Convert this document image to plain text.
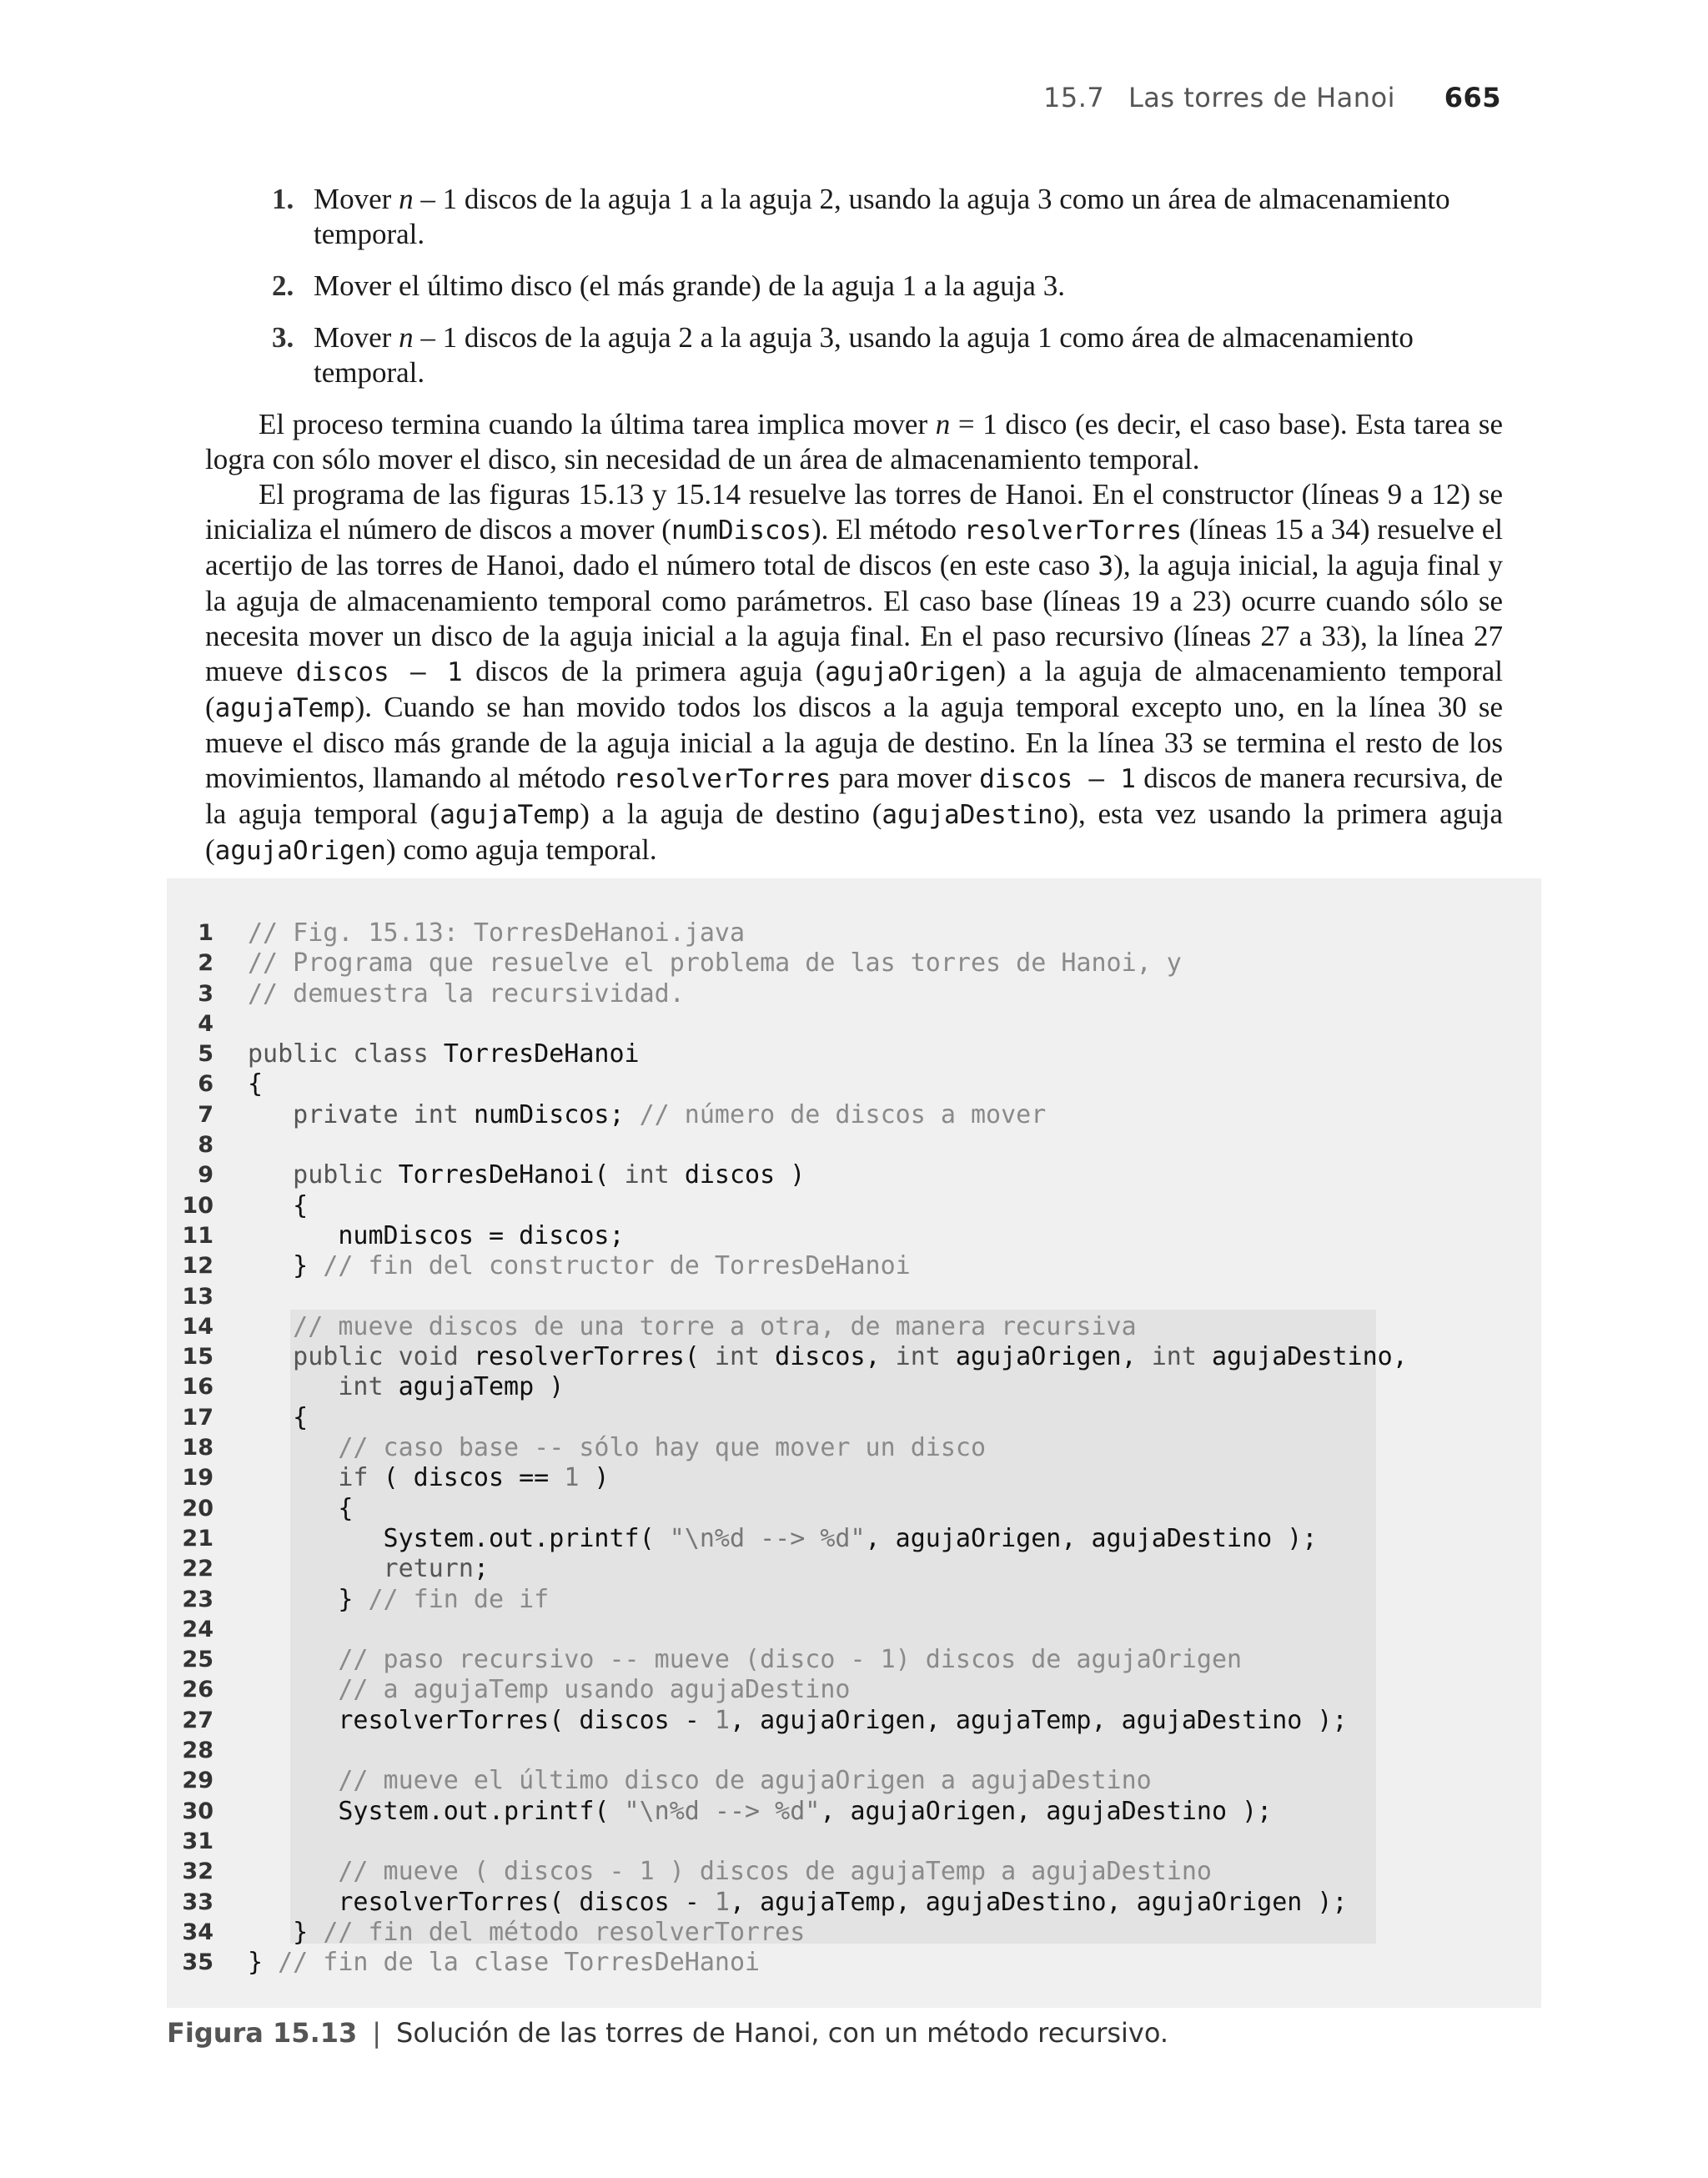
15.7 Las torres de Hanoi 665
1. Mover n – 1 discos de la aguja 1 a la aguja 2, usando la aguja 3 como un área de almacenamiento temporal.
2. Mover el último disco (el más grande) de la aguja 1 a la aguja 3.
3. Mover n – 1 discos de la aguja 2 a la aguja 3, usando la aguja 1 como área de almacenamiento temporal.

El proceso termina cuando la última tarea implica mover n = 1 disco (es decir, el caso base). Esta tarea se logra con sólo mover el disco, sin necesidad de un área de almacenamiento temporal.

El programa de las figuras 15.13 y 15.14 resuelve las torres de Hanoi. En el constructor (líneas 9 a 12) se inicializa el número de discos a mover (numDiscos). El método resolverTorres (líneas 15 a 34) resuelve el acertijo de las torres de Hanoi, dado el número total de discos (en este caso 3), la aguja inicial, la aguja final y la aguja de almacenamiento temporal como parámetros. El caso base (líneas 19 a 23) ocurre cuando sólo se necesita mover un disco de la aguja inicial a la aguja final. En el paso recursivo (líneas 27 a 33), la línea 27 mueve discos – 1 discos de la primera aguja (agujaOrigen) a la aguja de almacenamiento temporal (agujaTemp). Cuando se han movido todos los discos a la aguja temporal excepto uno, en la línea 30 se mueve el disco más grande de la aguja inicial a la aguja de destino. En la línea 33 se termina el resto de los movimientos, llamando al método resolverTorres para mover discos – 1 discos de manera recursiva, de la aguja temporal (agujaTemp) a la aguja de destino (agujaDestino), esta vez usando la primera aguja (agujaOrigen) como aguja temporal.

1 // Fig. 15.13: TorresDeHanoi.java
2 // Programa que resuelve el problema de las torres de Hanoi, y
3 // demuestra la recursividad.
4
5 public class TorresDeHanoi
6 {
7 private int numDiscos; // número de discos a mover
8
9 public TorresDeHanoi( int discos )
10 {
11 numDiscos = discos;
12 } // fin del constructor de TorresDeHanoi
13
14 // mueve discos de una torre a otra, de manera recursiva
15 public void resolverTorres( int discos, int agujaOrigen, int agujaDestino,
16 int agujaTemp )
17 {
18 // caso base -- sólo hay que mover un disco
19 if ( discos == 1 )
20 {
21 System.out.printf( "\n%d --> %d", agujaOrigen, agujaDestino );
22 return;
23 } // fin de if
24
25 // paso recursivo -- mueve (disco - 1) discos de agujaOrigen
26 // a agujaTemp usando agujaDestino
27 resolverTorres( discos - 1, agujaOrigen, agujaTemp, agujaDestino );
28
29 // mueve el último disco de agujaOrigen a agujaDestino
30 System.out.printf( "\n%d --> %d", agujaOrigen, agujaDestino );
31
32 // mueve ( discos - 1 ) discos de agujaTemp a agujaDestino
33 resolverTorres( discos - 1, agujaTemp, agujaDestino, agujaOrigen );
34 } // fin del método resolverTorres
35 } // fin de la clase TorresDeHanoi
Figura 15.13 | Solución de las torres de Hanoi, con un método recursivo.
